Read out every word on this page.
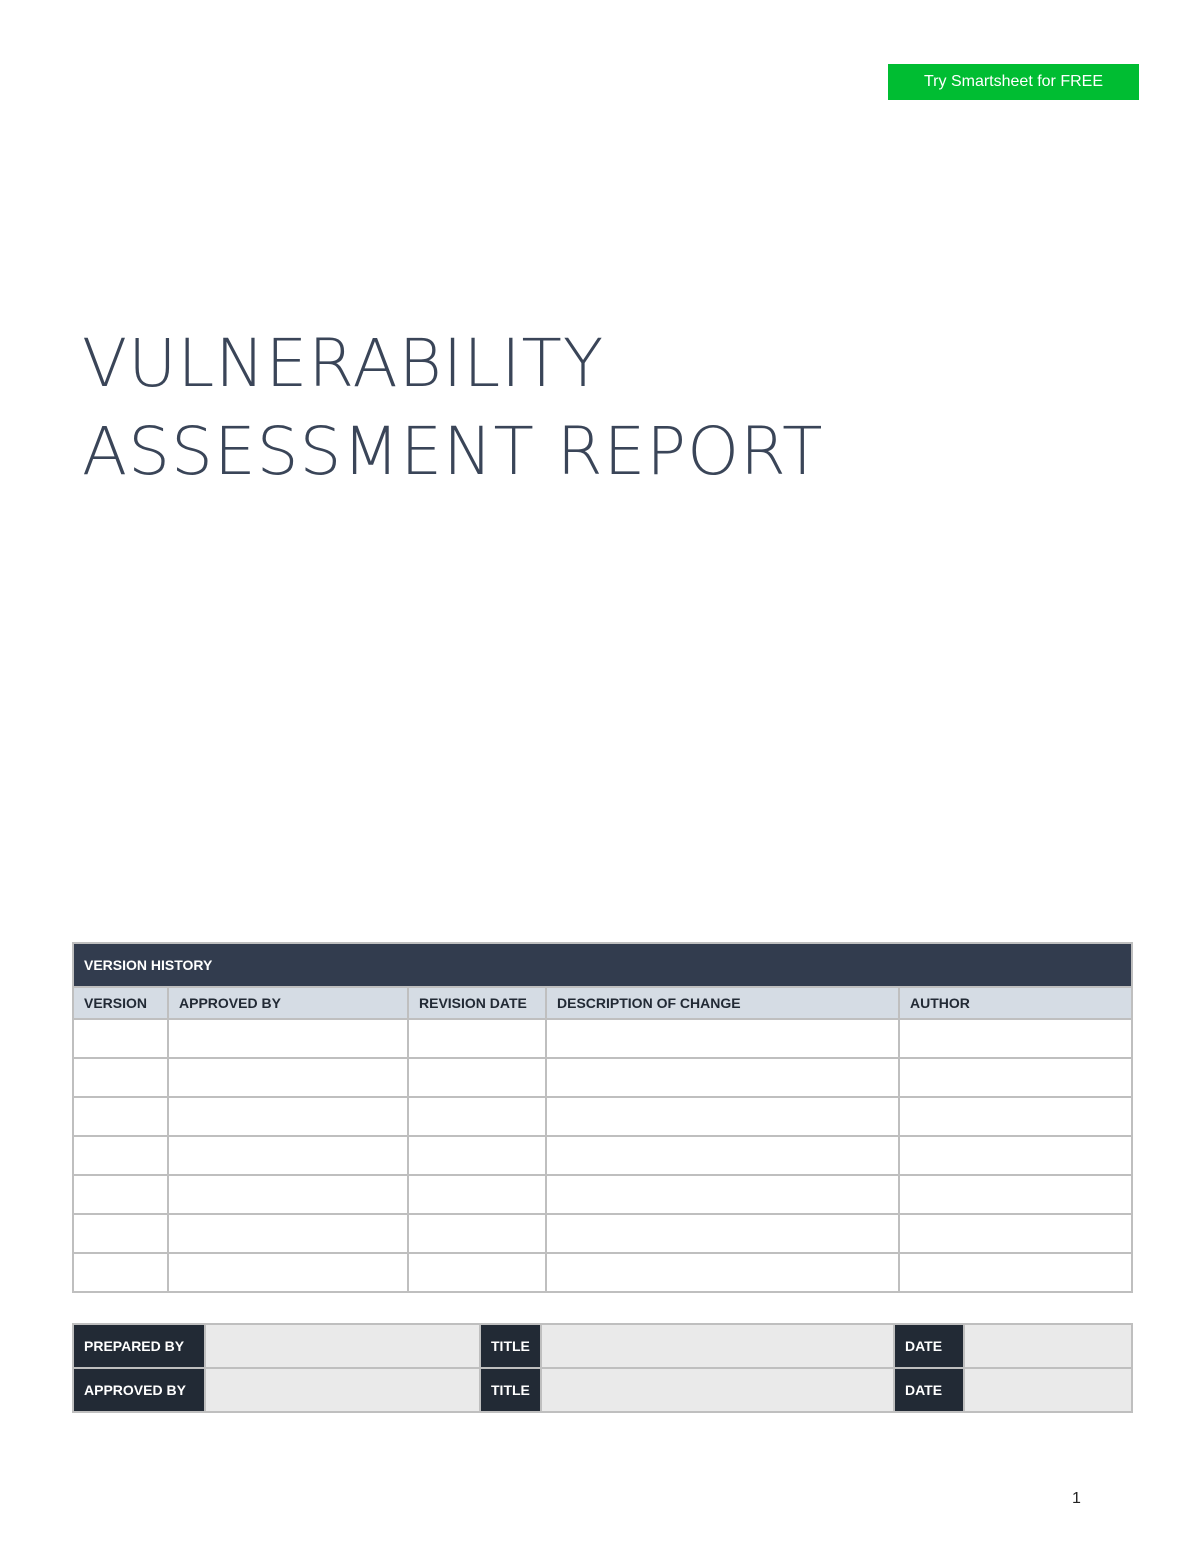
Try Smartsheet for FREE
VULNERABILITY
ASSESSMENT REPORT
VERSION HISTORY				
VERSION	APPROVED BY	REVISION DATE	DESCRIPTION OF CHANGE	AUTHOR

PREPARED BY		TITLE		DATE	
APPROVED BY		TITLE		DATE	
1
